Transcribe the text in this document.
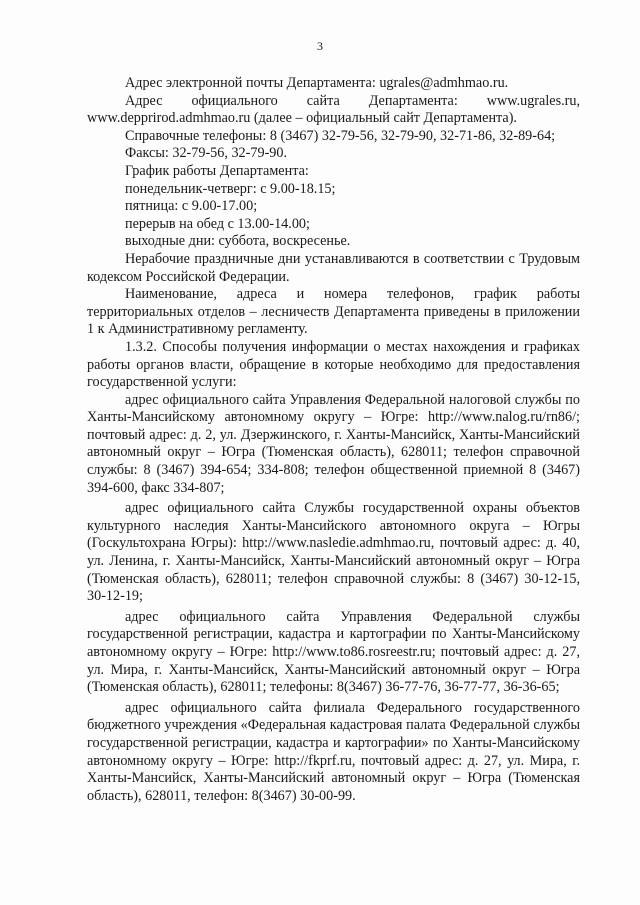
3

Адрес электронной почты Департамента: ugrales@admhmao.ru.

Адрес официального сайта Департамента: www.ugrales.ru, www.depprirod.admhmao.ru (далее – официальный сайт Департамента).

Справочные телефоны: 8 (3467) 32-79-56, 32-79-90, 32-71-86, 32-89-64;

Факсы: 32-79-56, 32-79-90.

График работы Департамента:

понедельник-четверг: с 9.00-18.15;

пятница: с 9.00-17.00;

перерыв на обед с 13.00-14.00;

выходные дни: суббота, воскресенье.

Нерабочие праздничные дни устанавливаются в соответствии с Трудовым кодексом Российской Федерации.

Наименование, адреса и номера телефонов, график работы территориальных отделов – лесничеств Департамента приведены в приложении 1 к Административному регламенту.

1.3.2. Способы получения информации о местах нахождения и графиках работы органов власти, обращение в которые необходимо для предоставления государственной услуги:

адрес официального сайта Управления Федеральной налоговой службы по Ханты-Мансийскому автономному округу – Югре: http://www.nalog.ru/rn86/; почтовый адрес: д. 2, ул. Дзержинского, г. Ханты-Мансийск, Ханты-Мансийский автономный округ – Югра (Тюменская область), 628011; телефон справочной службы: 8 (3467) 394-654; 334-808; телефон общественной приемной 8 (3467) 394-600, факс 334-807;

адрес официального сайта Службы государственной охраны объектов культурного наследия Ханты-Мансийского автономного округа – Югры (Госкультохрана Югры): http://www.nasledie.admhmao.ru, почтовый адрес: д. 40, ул. Ленина, г. Ханты-Мансийск, Ханты-Мансийский автономный округ – Югра (Тюменская область), 628011; телефон справочной службы: 8 (3467) 30-12-15, 30-12-19;

адрес официального сайта Управления Федеральной службы государственной регистрации, кадастра и картографии по Ханты-Мансийскому автономному округу – Югре: http://www.to86.rosreestr.ru; почтовый адрес: д. 27, ул. Мира, г. Ханты-Мансийск, Ханты-Мансийский автономный округ – Югра (Тюменская область), 628011; телефоны: 8(3467) 36-77-76, 36-77-77, 36-36-65;

адрес официального сайта филиала Федерального государственного бюджетного учреждения «Федеральная кадастровая палата Федеральной службы государственной регистрации, кадастра и картографии» по Ханты-Мансийскому автономному округу – Югре: http://fkprf.ru, почтовый адрес: д. 27, ул. Мира, г. Ханты-Мансийск, Ханты-Мансийский автономный округ – Югра (Тюменская область), 628011, телефон: 8(3467) 30-00-99.
